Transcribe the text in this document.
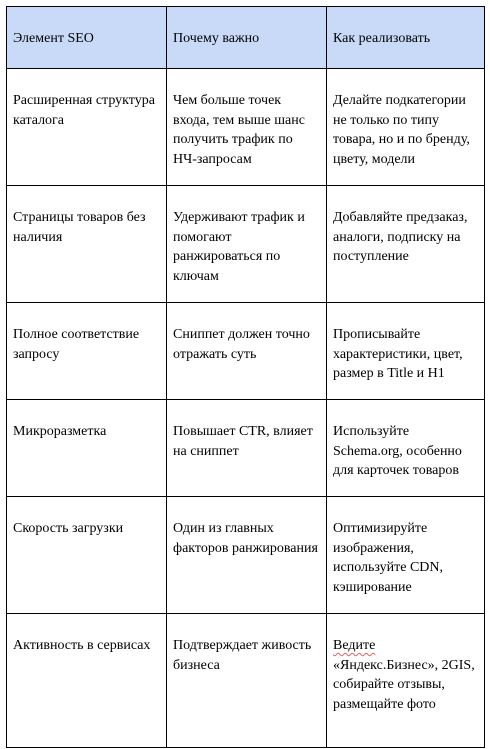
Элемент SEO	Почему важно	Как реализовать
Расширенная структура каталога	Чем больше точек входа, тем выше шанс получить трафик по НЧ-запросам	Делайте подкатегории не только по типу товара, но и по бренду, цвету, модели
Страницы товаров без наличия	Удерживают трафик и помогают ранжироваться по ключам	Добавляйте предзаказ, аналоги, подписку на поступление
Полное соответствие запросу	Сниппет должен точно отражать суть	Прописывайте характеристики, цвет, размер в Title и H1
Микроразметка	Повышает CTR, влияет на сниппет	Используйте Schema.org, особенно для карточек товаров
Скорость загрузки	Один из главных факторов ранжирования	Оптимизируйте изображения, используйте CDN, кэширование
Активность в сервисах	Подтверждает живость бизнеса	Ведите «Яндекс.Бизнес», 2GIS, собирайте отзывы, размещайте фото
